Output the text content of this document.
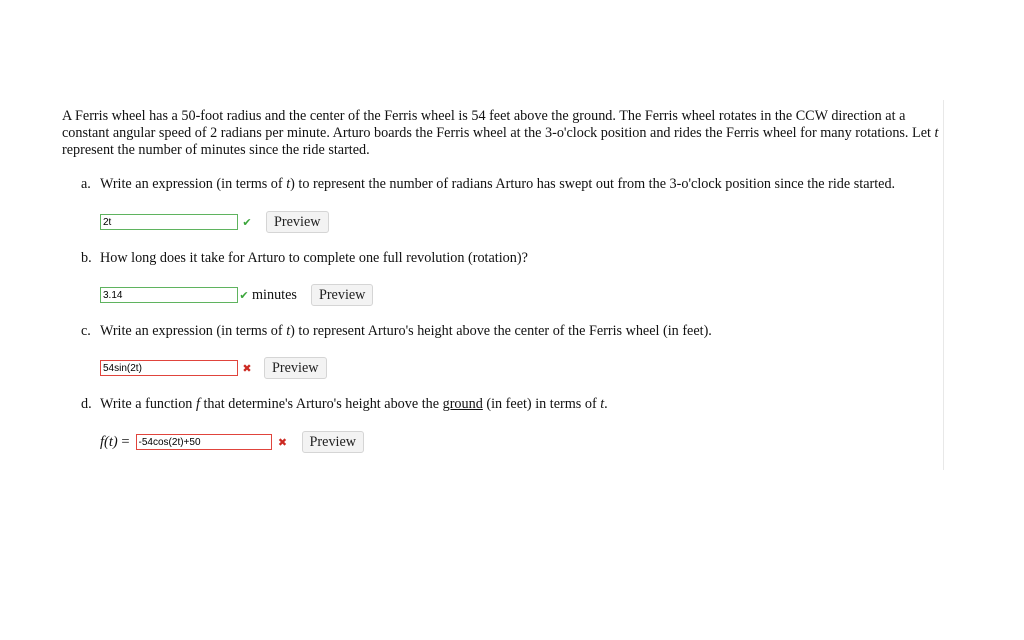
A Ferris wheel has a 50-foot radius and the center of the Ferris wheel is 54 feet above the ground. The Ferris wheel rotates in the CCW direction at a constant angular speed of 2 radians per minute. Arturo boards the Ferris wheel at the 3-o'clock position and rides the Ferris wheel for many rotations. Let t represent the number of minutes since the ride started.

a. Write an expression (in terms of t) to represent the number of radians Arturo has swept out from the 3-o'clock position since the ride started.

2t
✔	Preview
b. How long does it take for Arturo to complete one full revolution (rotation)?

3.14
✔ minutes	Preview
c. Write an expression (in terms of t) to represent Arturo's height above the center of the Ferris wheel (in feet).

54sin(2t)
✖	Preview
d. Write a function f that determine's Arturo's height above the ground (in feet) in terms of t.

f(t) =
-54cos(2t)+50	✖	Preview
